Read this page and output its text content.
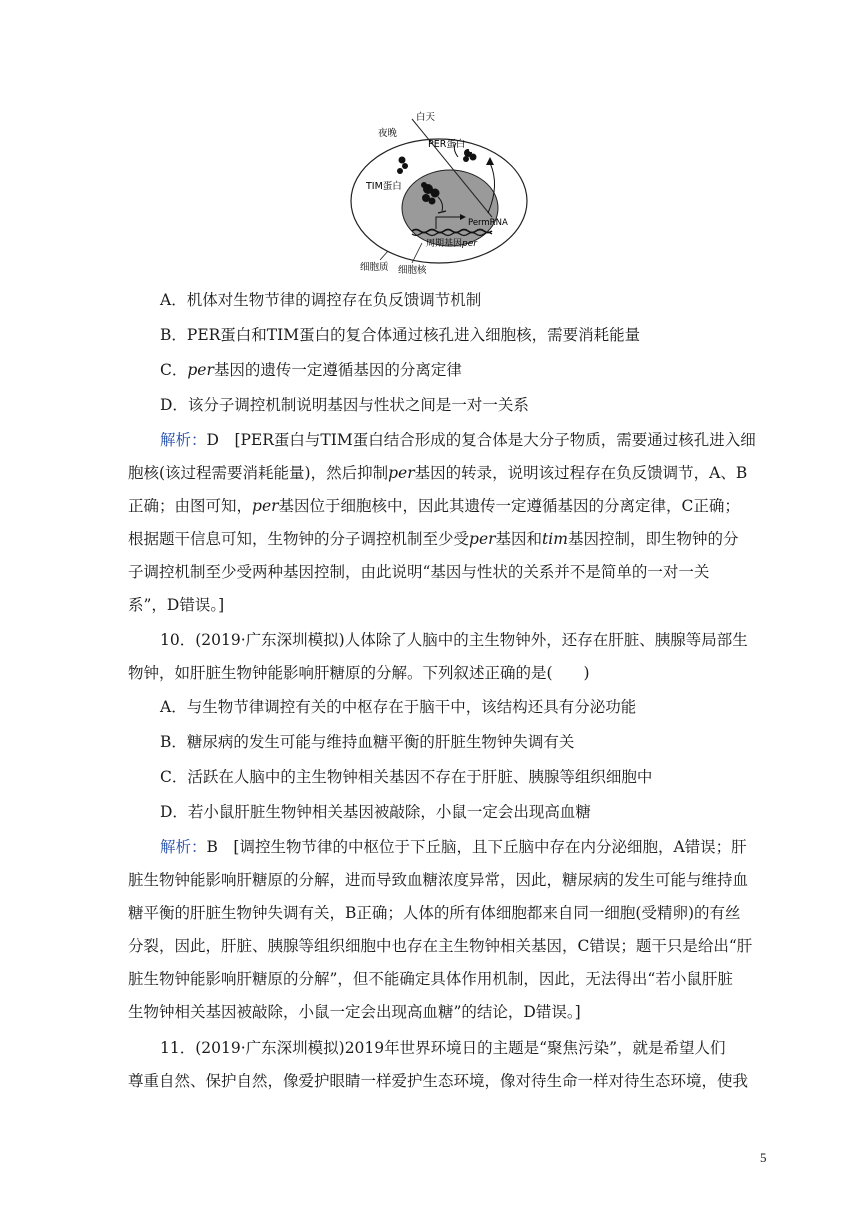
白天
夜晚
PER蛋白
TIM蛋白
PermRNA
周期基因per
细胞质 细胞核
A．机体对生物节律的调控存在负反馈调节机制
B．PER蛋白和TIM蛋白的复合体通过核孔进入细胞核，需要消耗能量
C．per基因的遗传一定遵循基因的分离定律
D．该分子调控机制说明基因与性状之间是一对一关系
解析：D　[PER蛋白与TIM蛋白结合形成的复合体是大分子物质，需要通过核孔进入细
胞核(该过程需要消耗能量)，然后抑制per基因的转录，说明该过程存在负反馈调节，A、B
正确；由图可知，per基因位于细胞核中，因此其遗传一定遵循基因的分离定律，C正确；
根据题干信息可知，生物钟的分子调控机制至少受per基因和tim基因控制，即生物钟的分
子调控机制至少受两种基因控制，由此说明“基因与性状的关系并不是简单的一对一关
系”，D错误。]
10．(2019·广东深圳模拟)人体除了人脑中的主生物钟外，还存在肝脏、胰腺等局部生
物钟，如肝脏生物钟能影响肝糖原的分解。下列叙述正确的是(　　)
A．与生物节律调控有关的中枢存在于脑干中，该结构还具有分泌功能
B．糖尿病的发生可能与维持血糖平衡的肝脏生物钟失调有关
C．活跃在人脑中的主生物钟相关基因不存在于肝脏、胰腺等组织细胞中
D．若小鼠肝脏生物钟相关基因被敲除，小鼠一定会出现高血糖
解析：B　[调控生物节律的中枢位于下丘脑，且下丘脑中存在内分泌细胞，A错误；肝
脏生物钟能影响肝糖原的分解，进而导致血糖浓度异常，因此，糖尿病的发生可能与维持血
糖平衡的肝脏生物钟失调有关，B正确；人体的所有体细胞都来自同一细胞(受精卵)的有丝
分裂，因此，肝脏、胰腺等组织细胞中也存在主生物钟相关基因，C错误；题干只是给出“肝
脏生物钟能影响肝糖原的分解”，但不能确定具体作用机制，因此，无法得出“若小鼠肝脏
生物钟相关基因被敲除，小鼠一定会出现高血糖”的结论，D错误。]
11．(2019·广东深圳模拟)2019年世界环境日的主题是“聚焦污染”，就是希望人们
尊重自然、保护自然，像爱护眼睛一样爱护生态环境，像对待生命一样对待生态环境，使我
5
